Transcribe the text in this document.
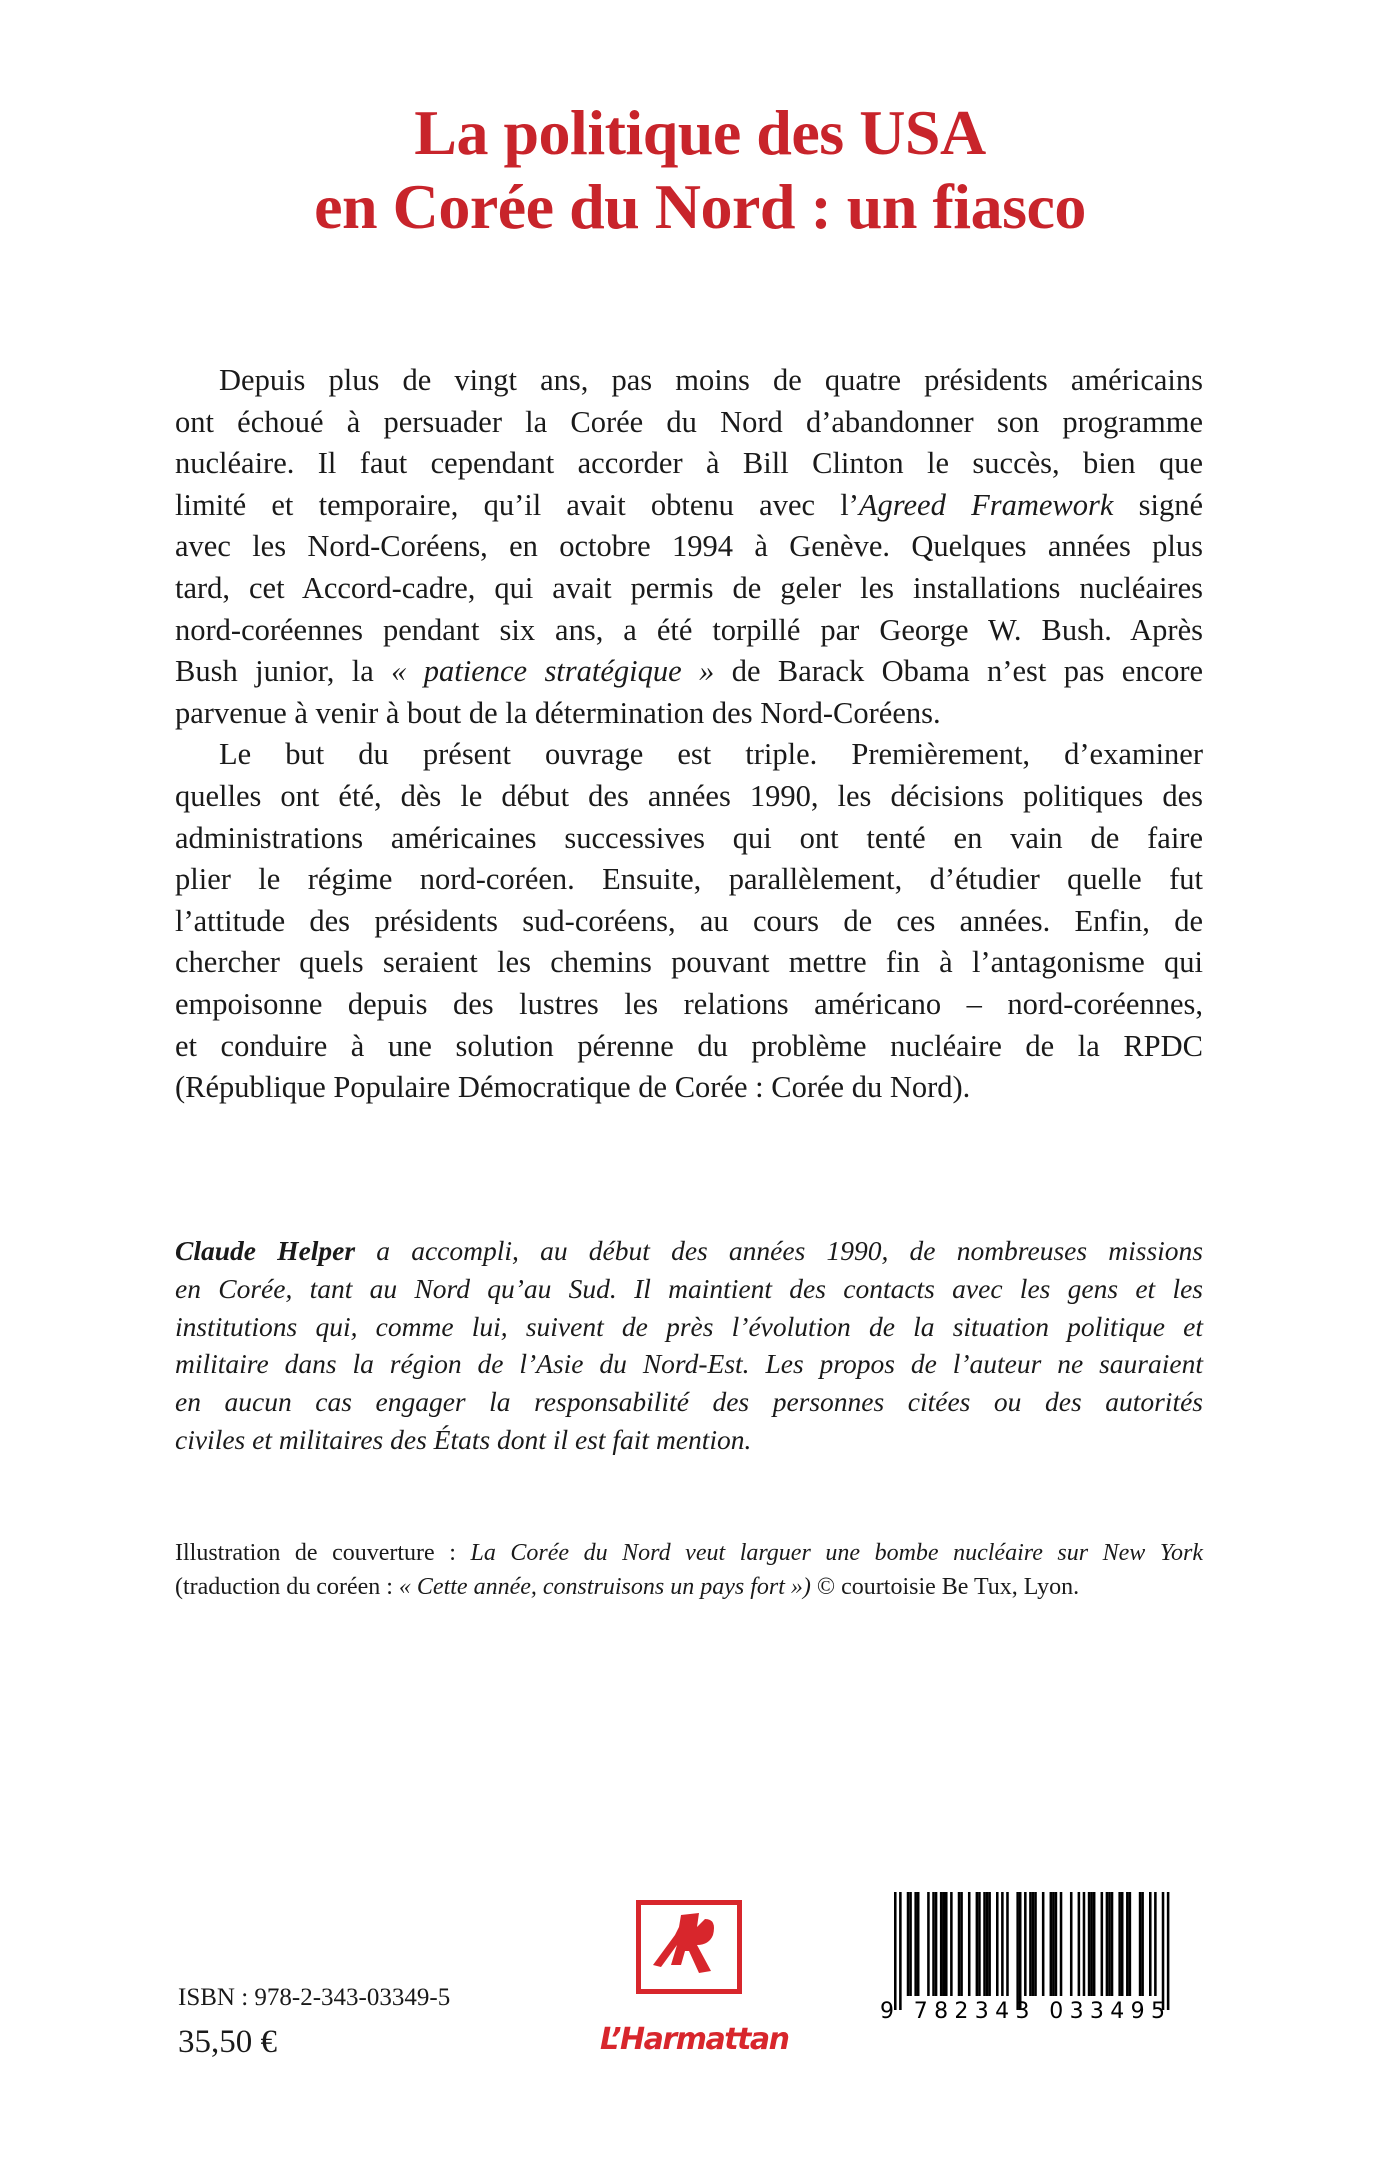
La politique des USA
en Corée du Nord : un fiasco
Depuis plus de vingt ans, pas moins de quatre présidents américains
ont échoué à persuader la Corée du Nord d’abandonner son programme
nucléaire. Il faut cependant accorder à Bill Clinton le succès, bien que
limité et temporaire, qu’il avait obtenu avec l’Agreed Framework signé
avec les Nord-Coréens, en octobre 1994 à Genève. Quelques années plus
tard, cet Accord-cadre, qui avait permis de geler les installations nucléaires
nord-coréennes pendant six ans, a été torpillé par George W. Bush. Après
Bush junior, la « patience stratégique » de Barack Obama n’est pas encore
parvenue à venir à bout de la détermination des Nord-Coréens.
Le but du présent ouvrage est triple. Premièrement, d’examiner
quelles ont été, dès le début des années 1990, les décisions politiques des
administrations américaines successives qui ont tenté en vain de faire
plier le régime nord-coréen. Ensuite, parallèlement, d’étudier quelle fut
l’attitude des présidents sud-coréens, au cours de ces années. Enfin, de
chercher quels seraient les chemins pouvant mettre fin à l’antagonisme qui
empoisonne depuis des lustres les relations américano – nord-coréennes,
et conduire à une solution pérenne du problème nucléaire de la RPDC
(République Populaire Démocratique de Corée : Corée du Nord).
Claude Helper a accompli, au début des années 1990, de nombreuses missions
en Corée, tant au Nord qu’au Sud. Il maintient des contacts avec les gens et les
institutions qui, comme lui, suivent de près l’évolution de la situation politique et
militaire dans la région de l’Asie du Nord-Est. Les propos de l’auteur ne sauraient
en aucun cas engager la responsabilité des personnes citées ou des autorités
civiles et militaires des États dont il est fait mention.
Illustration de couverture : La Corée du Nord veut larguer une bombe nucléaire sur New York
(traduction du coréen : « Cette année, construisons un pays fort ») © courtoisie Be Tux, Lyon.
ISBN : 978-2-343-03349-5
35,50 €	L’Harmattan
9 782343 033495
